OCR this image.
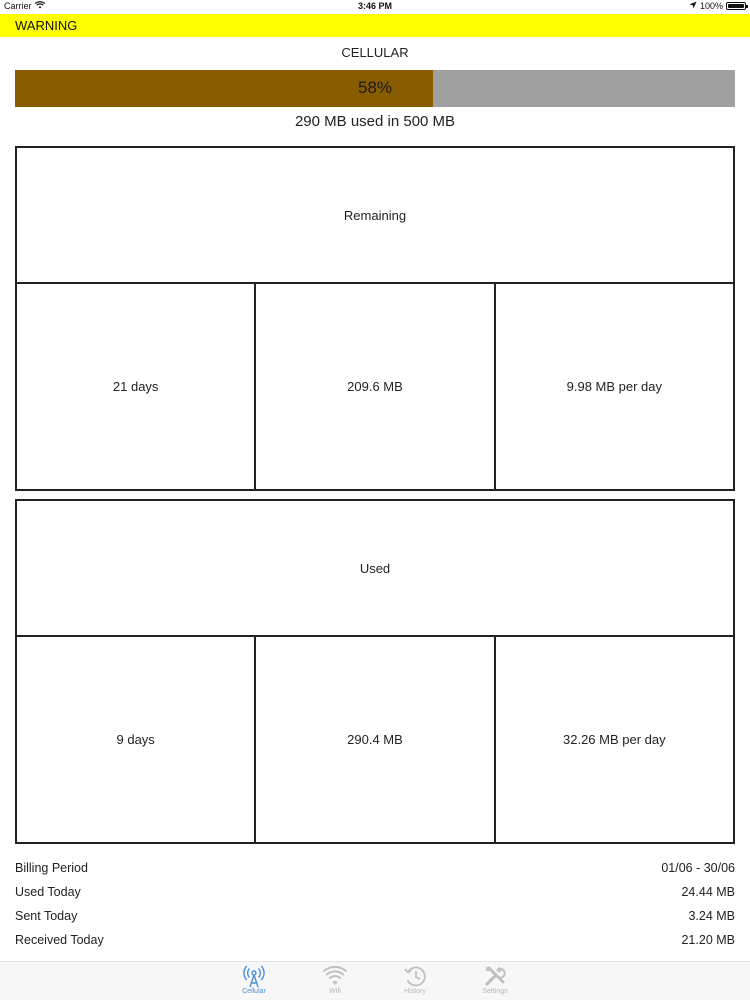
Carrier	3:46 PM	100%
WARNING
CELLULAR
58%
290 MB used in 500 MB
Remaining
21 days	209.6 MB	9.98 MB per day
Used
9 days	290.4 MB	32.26 MB per day
Billing Period	01/06 - 30/06
Used Today	24.44 MB
Sent Today	3.24 MB
Received Today	21.20 MB
Cellular	Wifi	History	Settings
